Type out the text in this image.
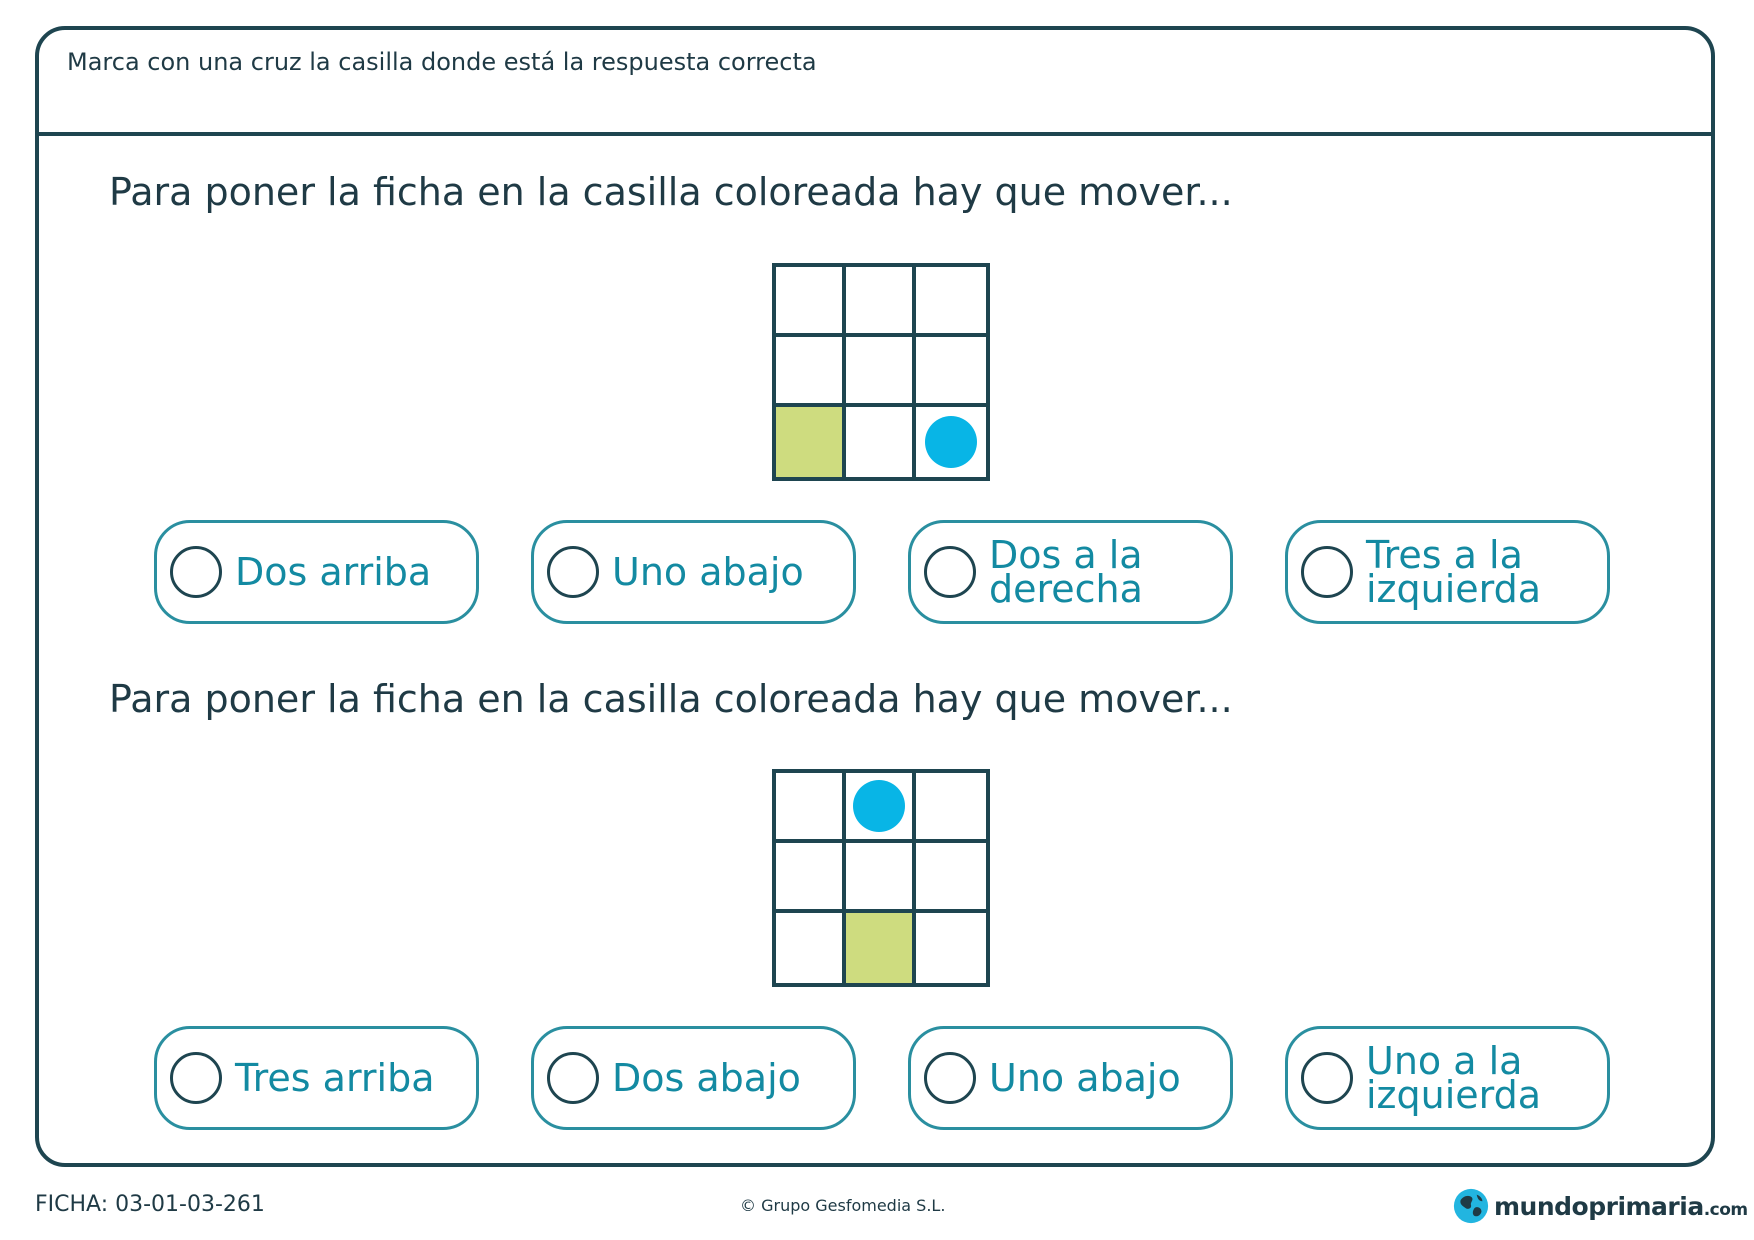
Marca con una cruz la casilla donde está la respuesta correcta
Para poner la ficha en la casilla coloreada hay que mover...
Dos arriba	Uno abajo	Dos a la derecha
Tres a la izquierda
Para poner la ficha en la casilla coloreada hay que mover...
Tres arriba	Dos abajo	Uno abajo	Uno a la izquierda
FICHA: 03-01-03-261	© Grupo Gesfomedia S.L.	mundoprimaria.com
